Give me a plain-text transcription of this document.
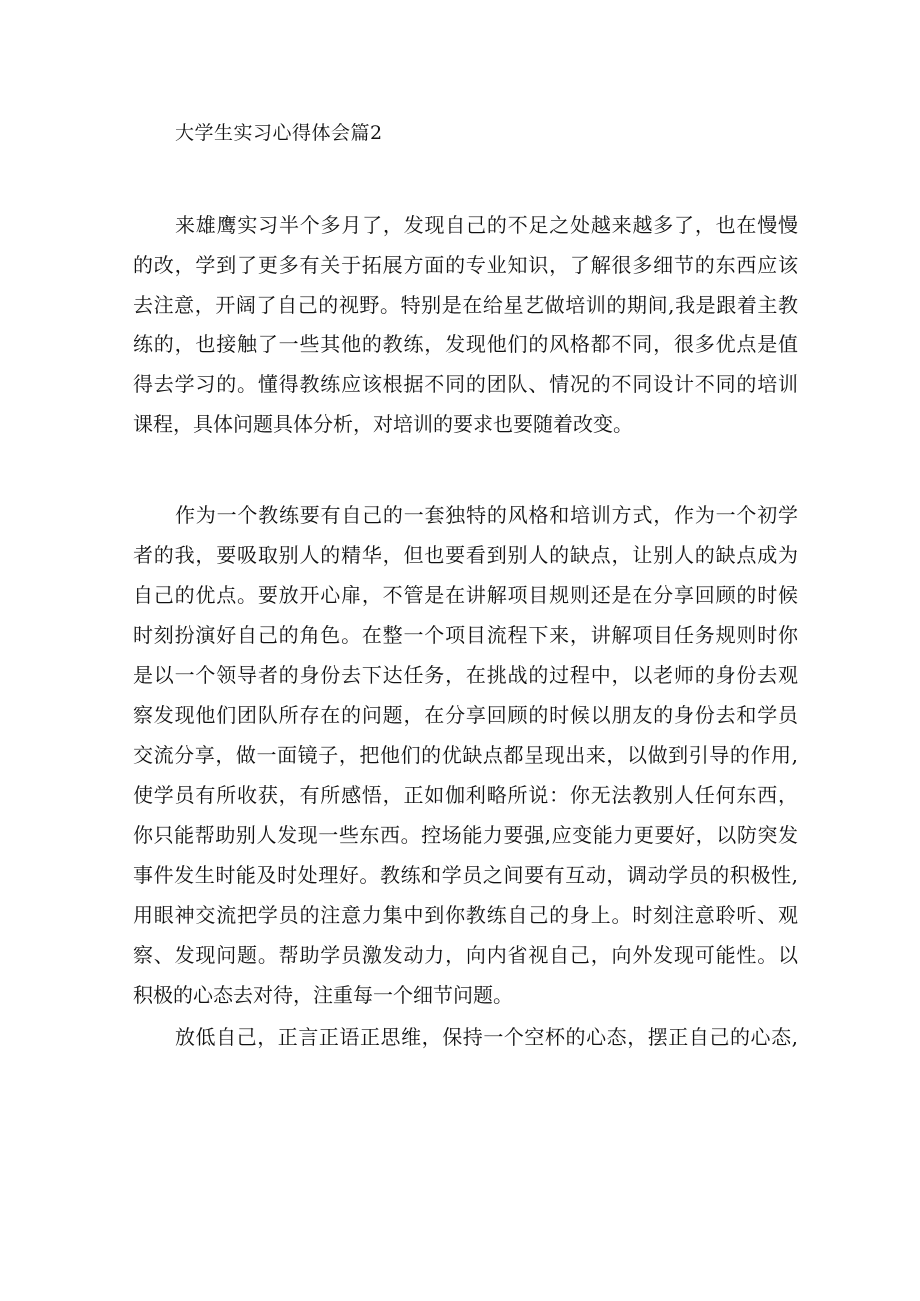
大学生实习心得体会篇2
来雄鹰实习半个多月了，发现自己的不足之处越来越多了，也在慢慢
的改，学到了更多有关于拓展方面的专业知识，了解很多细节的东西应该
去注意，开阔了自己的视野。特别是在给星艺做培训的期间,我是跟着主教
练的，也接触了一些其他的教练，发现他们的风格都不同，很多优点是值
得去学习的。懂得教练应该根据不同的团队、情况的不同设计不同的培训
课程，具体问题具体分析，对培训的要求也要随着改变。
作为一个教练要有自己的一套独特的风格和培训方式，作为一个初学
者的我，要吸取别人的精华，但也要看到别人的缺点，让别人的缺点成为
自己的优点。要放开心扉，不管是在讲解项目规则还是在分享回顾的时候
时刻扮演好自己的角色。在整一个项目流程下来，讲解项目任务规则时你
是以一个领导者的身份去下达任务，在挑战的过程中，以老师的身份去观
察发现他们团队所存在的问题，在分享回顾的时候以朋友的身份去和学员
交流分享，做一面镜子，把他们的优缺点都呈现出来，以做到引导的作用,
使学员有所收获，有所感悟，正如伽利略所说：你无法教别人任何东西，
你只能帮助别人发现一些东西。控场能力要强,应变能力更要好，以防突发
事件发生时能及时处理好。教练和学员之间要有互动，调动学员的积极性,
用眼神交流把学员的注意力集中到你教练自己的身上。时刻注意聆听、观
察、发现问题。帮助学员激发动力，向内省视自己，向外发现可能性。以
积极的心态去对待，注重每一个细节问题。
放低自己，正言正语正思维，保持一个空杯的心态，摆正自己的心态,
